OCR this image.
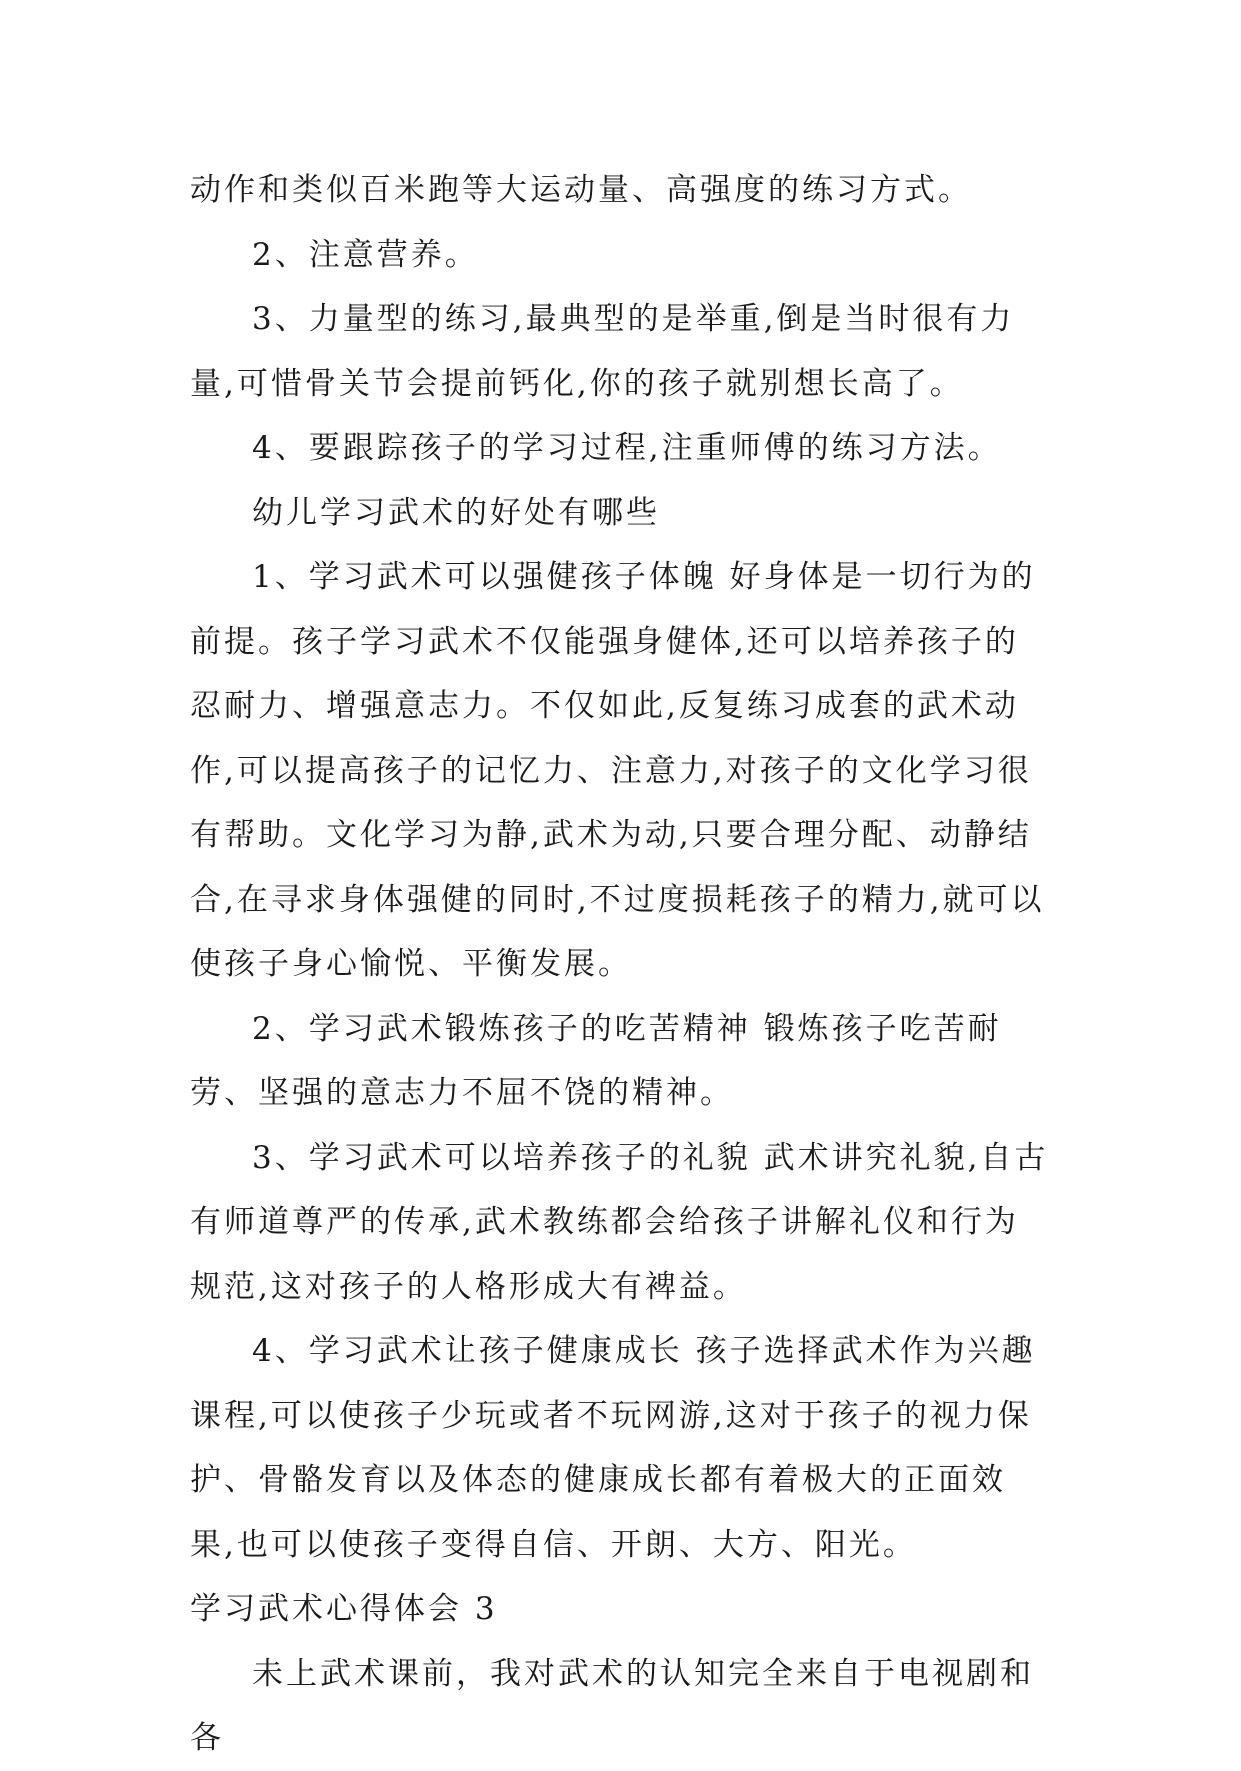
动作和类似百米跑等大运动量、高强度的练习方式。

2、注意营养。

3、力量型的练习,最典型的是举重,倒是当时很有力量,可惜骨关节会提前钙化,你的孩子就别想长高了。

4、要跟踪孩子的学习过程,注重师傅的练习方法。

幼儿学习武术的好处有哪些

1、学习武术可以强健孩子体魄 好身体是一切行为的前提。孩子学习武术不仅能强身健体,还可以培养孩子的忍耐力、增强意志力。不仅如此,反复练习成套的武术动作,可以提高孩子的记忆力、注意力,对孩子的文化学习很有帮助。文化学习为静,武术为动,只要合理分配、动静结合,在寻求身体强健的同时,不过度损耗孩子的精力,就可以使孩子身心愉悦、平衡发展。

2、学习武术锻炼孩子的吃苦精神 锻炼孩子吃苦耐劳、坚强的意志力不屈不饶的精神。

3、学习武术可以培养孩子的礼貌 武术讲究礼貌,自古有师道尊严的传承,武术教练都会给孩子讲解礼仪和行为规范,这对孩子的人格形成大有裨益。

4、学习武术让孩子健康成长 孩子选择武术作为兴趣课程,可以使孩子少玩或者不玩网游,这对于孩子的视力保护、骨骼发育以及体态的健康成长都有着极大的正面效果,也可以使孩子变得自信、开朗、大方、阳光。

学习武术心得体会 3

未上武术课前，我对武术的认知完全来自于电视剧和各
